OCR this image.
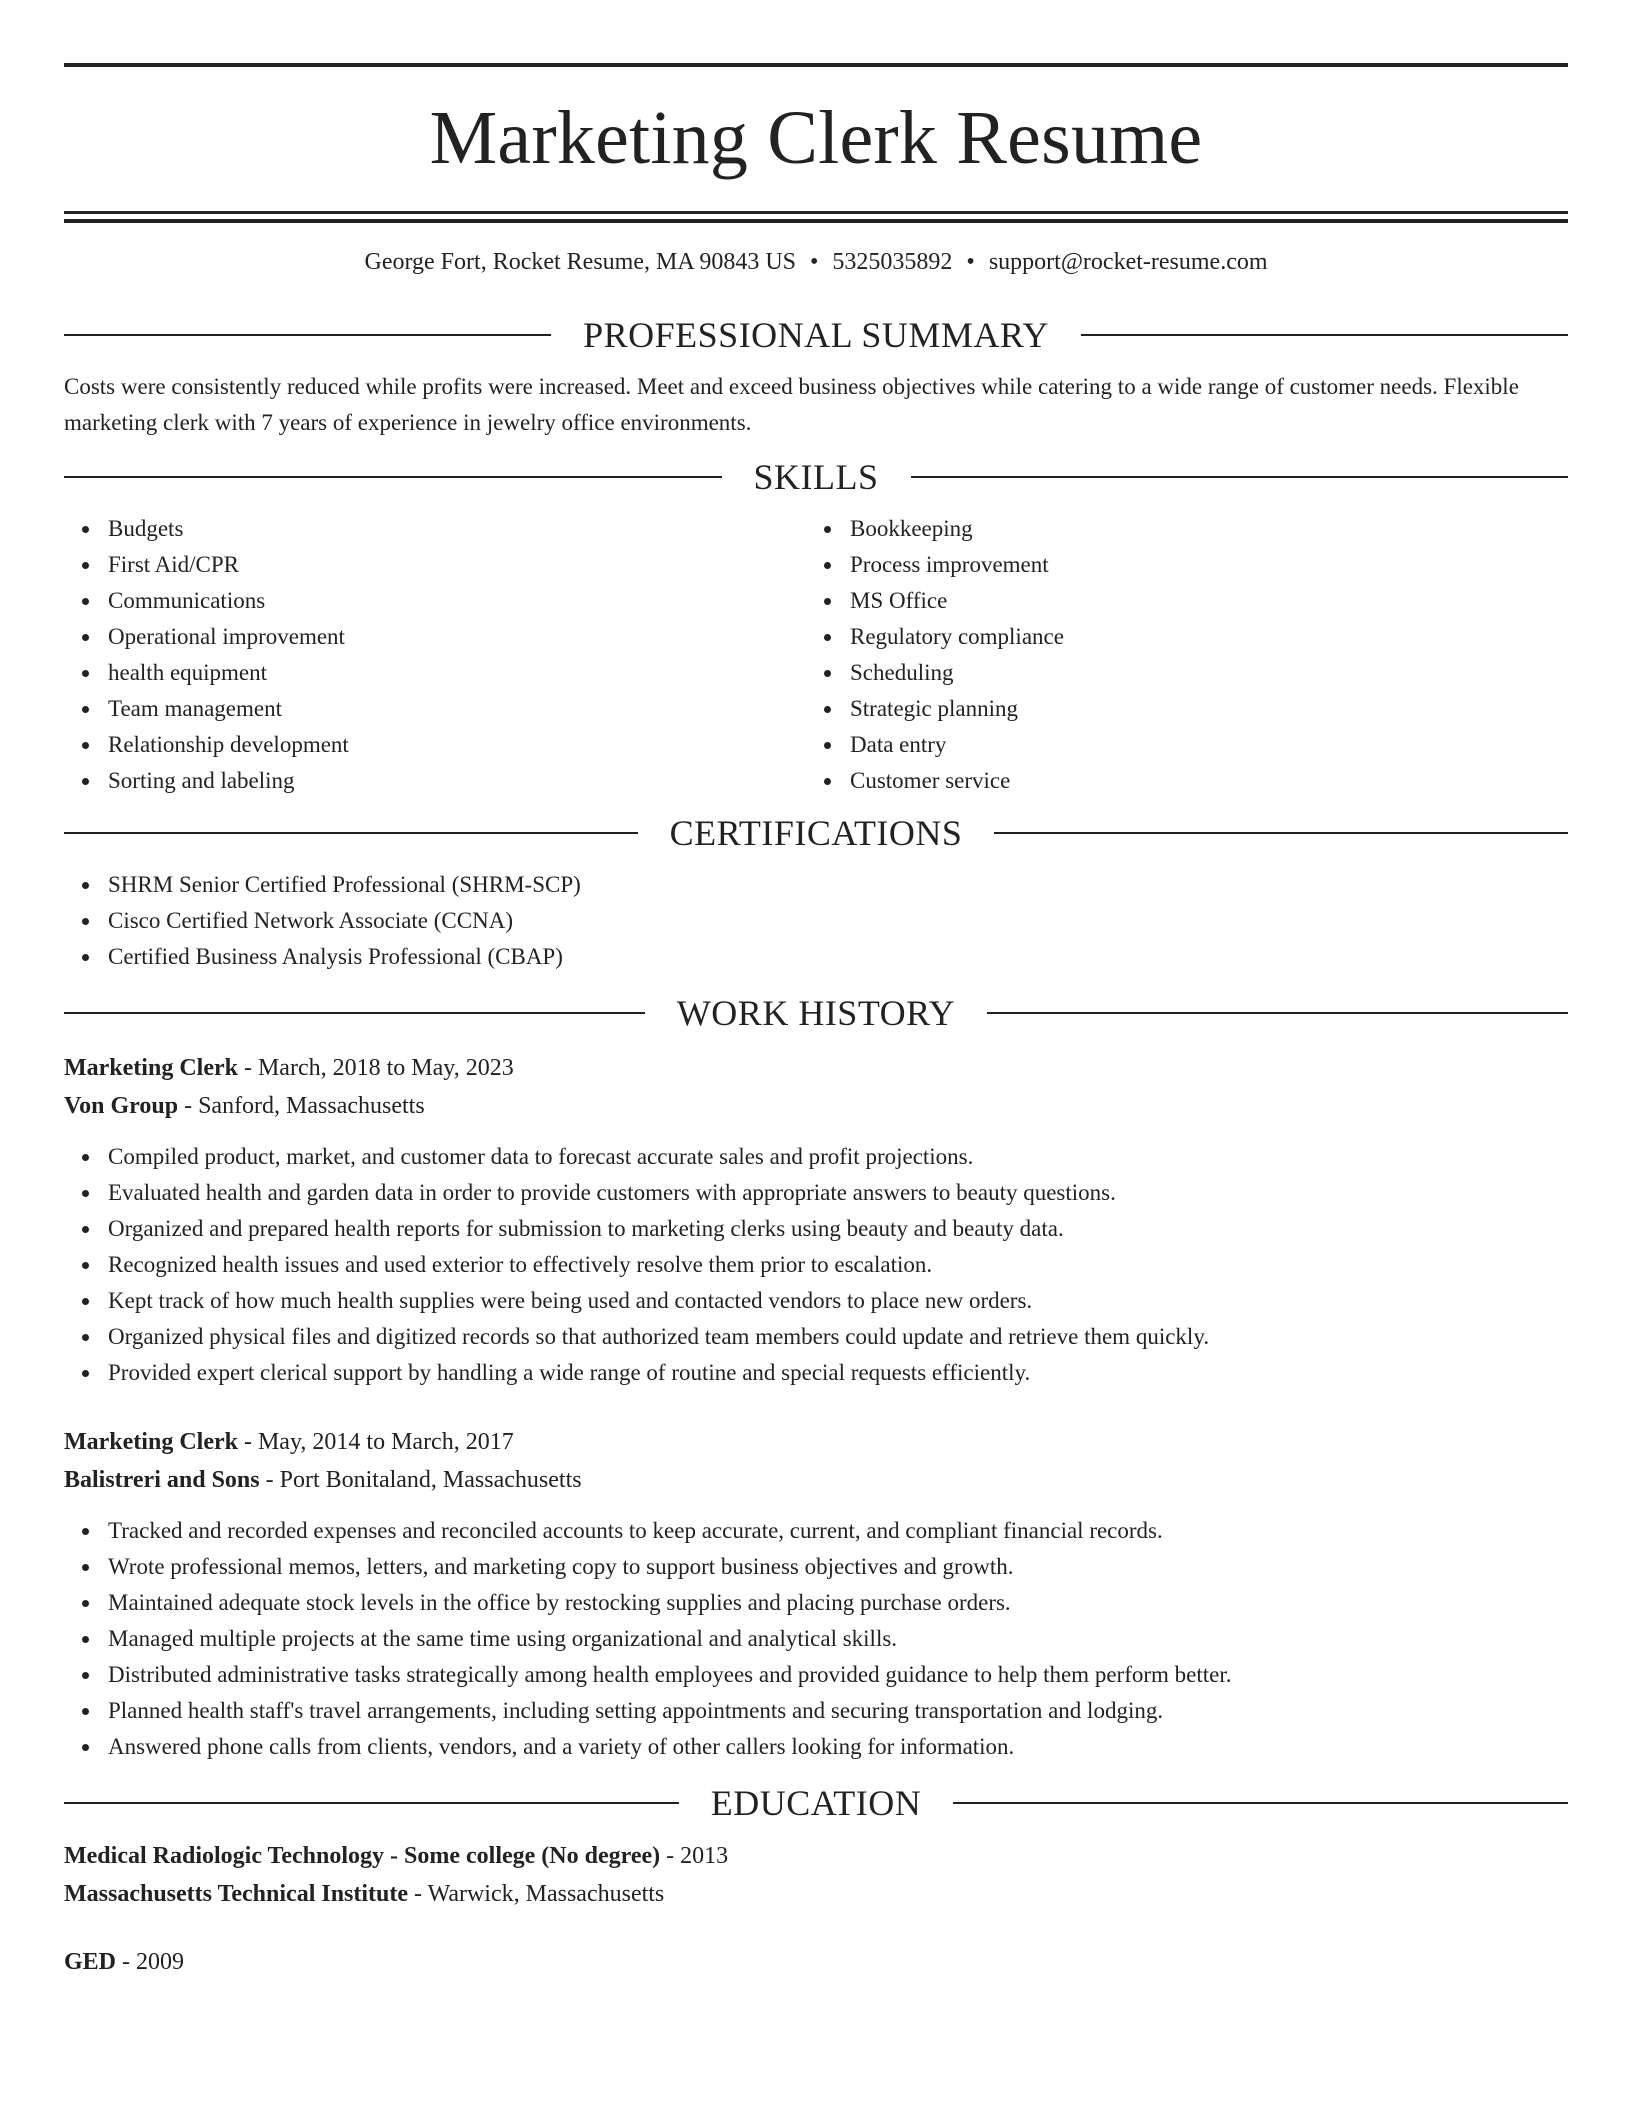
Marketing Clerk Resume
George Fort, Rocket Resume, MA 90843 US • 5325035892 • support@rocket-resume.com
PROFESSIONAL SUMMARY
Costs were consistently reduced while profits were increased. Meet and exceed business objectives while catering to a wide range of customer needs. Flexible marketing clerk with 7 years of experience in jewelry office environments.
SKILLS
Budgets
First Aid/CPR
Communications
Operational improvement
health equipment
Team management
Relationship development
Sorting and labeling
Bookkeeping
Process improvement
MS Office
Regulatory compliance
Scheduling
Strategic planning
Data entry
Customer service
CERTIFICATIONS
SHRM Senior Certified Professional (SHRM-SCP)
Cisco Certified Network Associate (CCNA)
Certified Business Analysis Professional (CBAP)
WORK HISTORY
Marketing Clerk - March, 2018 to May, 2023
Von Group - Sanford, Massachusetts
Compiled product, market, and customer data to forecast accurate sales and profit projections.
Evaluated health and garden data in order to provide customers with appropriate answers to beauty questions.
Organized and prepared health reports for submission to marketing clerks using beauty and beauty data.
Recognized health issues and used exterior to effectively resolve them prior to escalation.
Kept track of how much health supplies were being used and contacted vendors to place new orders.
Organized physical files and digitized records so that authorized team members could update and retrieve them quickly.
Provided expert clerical support by handling a wide range of routine and special requests efficiently.
Marketing Clerk - May, 2014 to March, 2017
Balistreri and Sons - Port Bonitaland, Massachusetts
Tracked and recorded expenses and reconciled accounts to keep accurate, current, and compliant financial records.
Wrote professional memos, letters, and marketing copy to support business objectives and growth.
Maintained adequate stock levels in the office by restocking supplies and placing purchase orders.
Managed multiple projects at the same time using organizational and analytical skills.
Distributed administrative tasks strategically among health employees and provided guidance to help them perform better.
Planned health staff's travel arrangements, including setting appointments and securing transportation and lodging.
Answered phone calls from clients, vendors, and a variety of other callers looking for information.
EDUCATION
Medical Radiologic Technology - Some college (No degree) - 2013
Massachusetts Technical Institute - Warwick, Massachusetts
GED - 2009
